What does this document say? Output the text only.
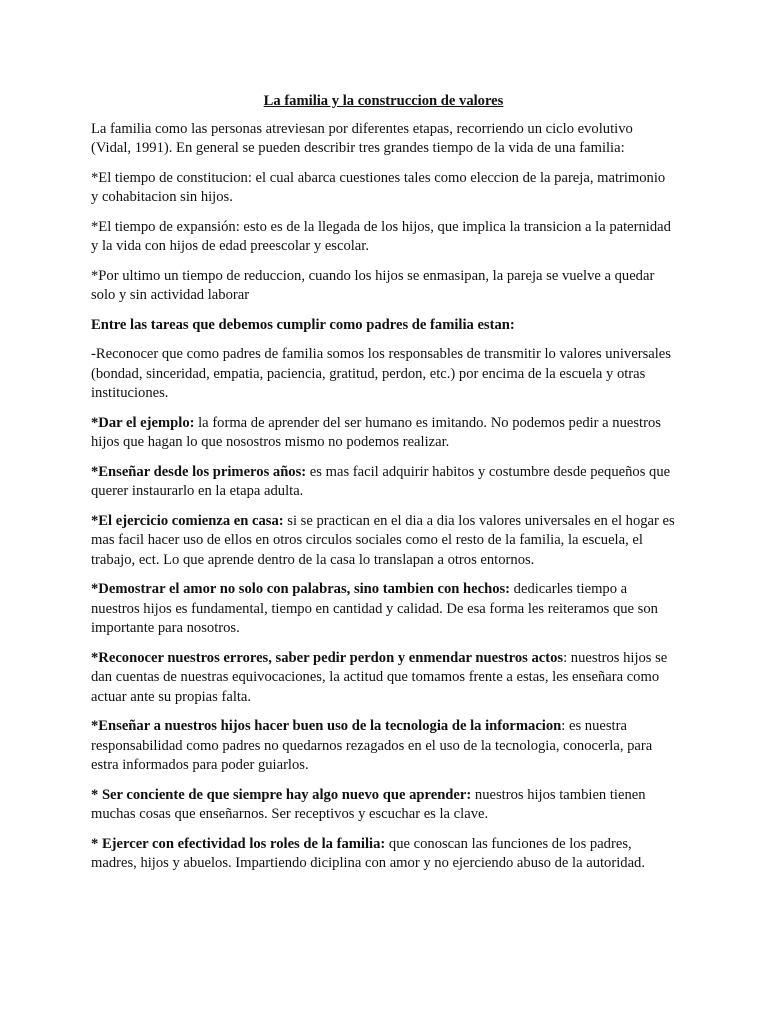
La familia y la construccion de valores

La familia como las personas atreviesan por diferentes etapas, recorriendo un ciclo evolutivo (Vidal, 1991). En general se pueden describir tres grandes tiempo de la vida de una familia:

*El tiempo de constitucion: el cual abarca cuestiones tales como eleccion de la pareja, matrimonio y cohabitacion sin hijos.

*El tiempo de expansión: esto es de la llegada de los hijos, que implica la transicion a la paternidad y la vida con hijos de edad preescolar y escolar.

*Por ultimo un tiempo de reduccion, cuando los hijos se enmasipan, la pareja se vuelve a quedar solo y sin actividad laborar

Entre las tareas que debemos cumplir como padres de familia estan:

-Reconocer que como padres de familia somos los responsables de transmitir lo valores universales (bondad, sinceridad, empatia, paciencia, gratitud, perdon, etc.) por encima de la escuela y otras instituciones.

*Dar el ejemplo: la forma de aprender del ser humano es imitando. No podemos pedir a nuestros hijos que hagan lo que nosostros mismo no podemos realizar.

*Enseñar desde los primeros años: es mas facil adquirir habitos y costumbre desde pequeños que querer instaurarlo en la etapa adulta.

*El ejercicio comienza en casa: si se practican en el dia a dia los valores universales en el hogar es mas facil hacer uso de ellos en otros circulos sociales como el resto de la familia, la escuela, el trabajo, ect. Lo que aprende dentro de la casa lo translapan a otros entornos.

*Demostrar el amor no solo con palabras, sino tambien con hechos: dedicarles tiempo a nuestros hijos es fundamental, tiempo en cantidad y calidad. De esa forma les reiteramos que son importante para nosotros.

*Reconocer nuestros errores, saber pedir perdon y enmendar nuestros actos: nuestros hijos se dan cuentas de nuestras equivocaciones, la actitud que tomamos frente a estas, les enseñara como actuar ante su propias falta.

*Enseñar a nuestros hijos hacer buen uso de la tecnologia de la informacion: es nuestra responsabilidad como padres no quedarnos rezagados en el uso de la tecnologia, conocerla, para estra informados para poder guiarlos.

* Ser conciente de que siempre hay algo nuevo que aprender: nuestros hijos tambien tienen muchas cosas que enseñarnos. Ser receptivos y escuchar es la clave.

* Ejercer con efectividad los roles de la familia: que conoscan las funciones de los padres, madres, hijos y abuelos. Impartiendo diciplina con amor y no ejerciendo abuso de la autoridad.
